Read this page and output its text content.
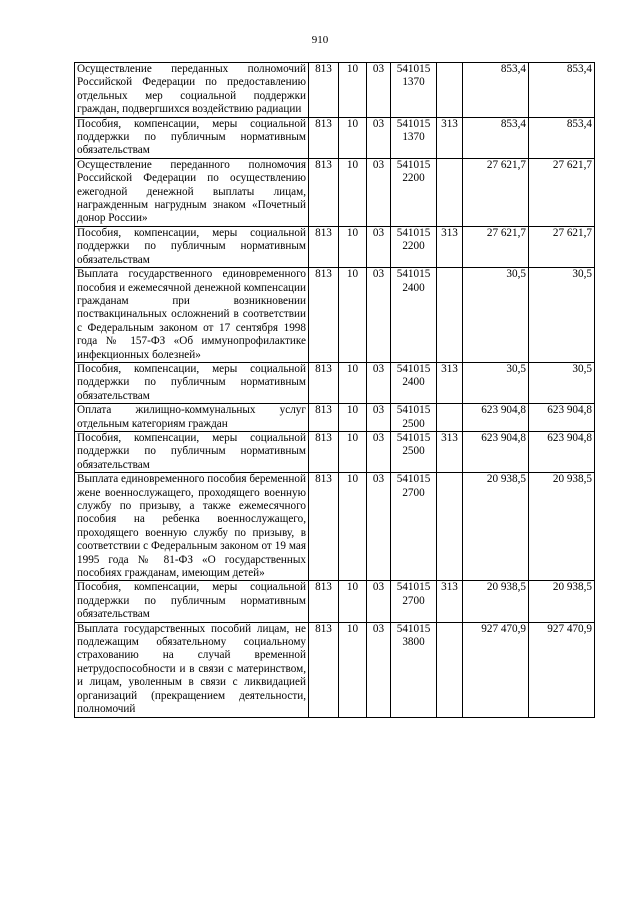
910
Осуществление переданных полномочий Российской Федерации по предоставлению отдельных мер социальной поддержки граждан, подвергшихся воздействию радиации	813	10	03	541015 1370		853,4	853,4
Пособия, компенсации, меры социальной поддержки по публичным нормативным обязательствам	813	10	03	541015 1370	313	853,4	853,4
Осуществление переданного полномочия Российской Федерации по осуществлению ежегодной денежной выплаты лицам, награжденным нагрудным знаком «Почетный донор России»	813	10	03	541015 2200		27 621,7	27 621,7
Пособия, компенсации, меры социальной поддержки по публичным нормативным обязательствам	813	10	03	541015 2200	313	27 621,7	27 621,7
Выплата государственного единовременного пособия и ежемесячной денежной компенсации гражданам при возникновении поствакцинальных осложнений в соответствии с Федеральным законом от 17 сентября 1998 года № 157-ФЗ «Об иммунопрофилактике инфекционных болезней»	813	10	03	541015 2400		30,5	30,5
Пособия, компенсации, меры социальной поддержки по публичным нормативным обязательствам	813	10	03	541015 2400	313	30,5	30,5
Оплата жилищно-коммунальных услуг отдельным категориям граждан	813	10	03	541015 2500		623 904,8	623 904,8
Пособия, компенсации, меры социальной поддержки по публичным нормативным обязательствам	813	10	03	541015 2500	313	623 904,8	623 904,8
Выплата единовременного пособия беременной жене военнослужащего, проходящего военную службу по призыву, а также ежемесячного пособия на ребенка военнослужащего, проходящего военную службу по призыву, в соответствии с Федеральным законом от 19 мая 1995 года № 81-ФЗ «О государственных пособиях гражданам, имеющим детей»	813	10	03	541015 2700		20 938,5	20 938,5
Пособия, компенсации, меры социальной поддержки по публичным нормативным обязательствам	813	10	03	541015 2700	313	20 938,5	20 938,5
Выплата государственных пособий лицам, не подлежащим обязательному социальному страхованию на случай временной нетрудоспособности и в связи с материнством, и лицам, уволенным в связи с ликвидацией организаций (прекращением деятельности, полномочий	813	10	03	541015 3800		927 470,9	927 470,9
